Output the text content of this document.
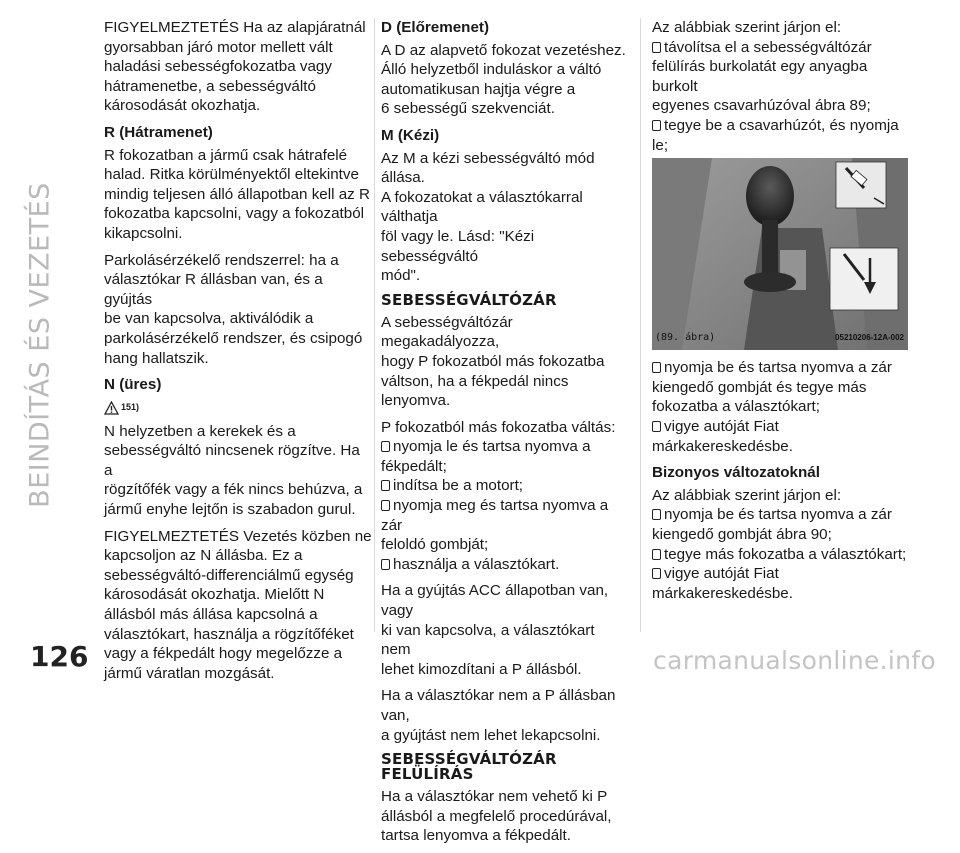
BEINDÍTÁS ÉS VEZETÉS
126	carmanualsonline.info

FIGYELMEZTETÉS Ha az alapjáratnál
gyorsabban járó motor mellett vált
haladási sebességfokozatba vagy
hátramenetbe, a sebességváltó
károsodását okozhatja.

R (Hátramenet)

R fokozatban a jármű csak hátrafelé
halad. Ritka körülményektől eltekintve
mindig teljesen álló állapotban kell az R
fokozatba kapcsolni, vagy a fokozatból
kikapcsolni.

Parkolásérzékelő rendszerrel: ha a
választókar R állásban van, és a gyújtás
be van kapcsolva, aktiválódik a
parkolásérzékelő rendszer, és csipogó
hang hallatszik.

N (üres)

151)

N helyzetben a kerekek és a
sebességváltó nincsenek rögzítve. Ha a
rögzítőfék vagy a fék nincs behúzva, a
jármű enyhe lejtőn is szabadon gurul.

FIGYELMEZTETÉS Vezetés közben ne
kapcsoljon az N állásba. Ez a
sebességváltó-differenciálmű egység
károsodását okozhatja. Mielőtt N
állásból más állása kapcsolná a
választókart, használja a rögzítőféket
vagy a fékpedált hogy megelőzze a
jármű váratlan mozgását.

D (Előremenet)

A D az alapvető fokozat vezetéshez.
Álló helyzetből induláskor a váltó
automatikusan hajtja végre a
6 sebességű szekvenciát.

M (Kézi)

Az M a kézi sebességváltó mód állása.
A fokozatokat a választókarral válthatja
föl vagy le. Lásd: "Kézi sebességváltó
mód".

SEBESSÉGVÁLTÓZÁR

A sebességváltózár megakadályozza,
hogy P fokozatból más fokozatba
váltson, ha a fékpedál nincs lenyomva.

P fokozatból más fokozatba váltás:

nyomja le és tartsa nyomva a
fékpedált;

indítsa be a motort;

nyomja meg és tartsa nyomva a zár
feloldó gombját;

használja a választókart.

Ha a gyújtás ACC állapotban van, vagy
ki van kapcsolva, a választókart nem
lehet kimozdítani a P állásból.

Ha a választókar nem a P állásban van,
a gyújtást nem lehet lekapcsolni.

SEBESSÉGVÁLTÓZÁR
FELÜLÍRÁS

Ha a választókar nem vehető ki P
állásból a megfelelő procedúrával,
tartsa lenyomva a fékpedált.

Az alábbiak szerint járjon el:

távolítsa el a sebességváltózár
felülírás burkolatát egy anyagba burkolt
egyenes csavarhúzóval ábra 89;

tegye be a csavarhúzót, és nyomja
le;

(89. ábra)	05210206-12A-002

nyomja be és tartsa nyomva a zár
kiengedő gombját és tegye más
fokozatba a választókart;

vigye autóját Fiat
márkakereskedésbe.

Bizonyos változatoknál

Az alábbiak szerint járjon el:

nyomja be és tartsa nyomva a zár
kiengedő gombját ábra 90;

tegye más fokozatba a választókart;

vigye autóját Fiat
márkakereskedésbe.
